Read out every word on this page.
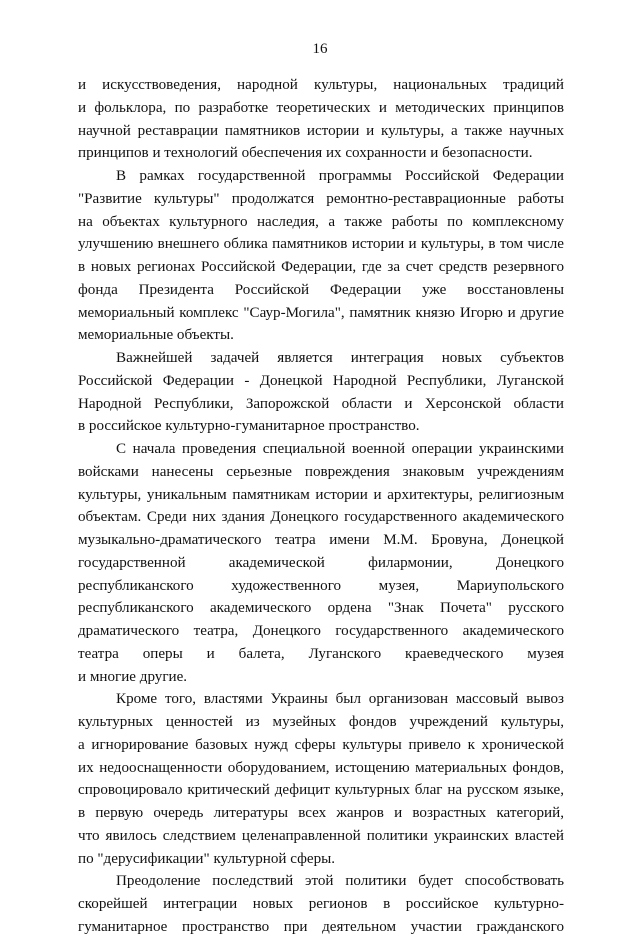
16
и искусствоведения, народной культуры, национальных традиций
и фольклора, по разработке теоретических и методических принципов
научной реставрации памятников истории и культуры, а также научных
принципов и технологий обеспечения их сохранности и безопасности.
В рамках государственной программы Российской Федерации
"Развитие культуры" продолжатся ремонтно-реставрационные работы
на объектах культурного наследия, а также работы по комплексному
улучшению внешнего облика памятников истории и культуры, в том числе
в новых регионах Российской Федерации, где за счет средств резервного
фонда Президента Российской Федерации уже восстановлены
мемориальный комплекс "Саур-Могила", памятник князю Игорю и другие
мемориальные объекты.
Важнейшей задачей является интеграция новых субъектов
Российской Федерации - Донецкой Народной Республики, Луганской
Народной Республики, Запорожской области и Херсонской области
в российское культурно-гуманитарное пространство.
С начала проведения специальной военной операции украинскими
войсками нанесены серьезные повреждения знаковым учреждениям
культуры, уникальным памятникам истории и архитектуры, религиозным
объектам. Среди них здания Донецкого государственного академического
музыкально-драматического театра имени М.М. Бровуна, Донецкой
государственной академической филармонии, Донецкого
республиканского художественного музея, Мариупольского
республиканского академического ордена "Знак Почета" русского
драматического театра, Донецкого государственного академического
театра оперы и балета, Луганского краеведческого музея
и многие другие.
Кроме того, властями Украины был организован массовый вывоз
культурных ценностей из музейных фондов учреждений культуры,
а игнорирование базовых нужд сферы культуры привело к хронической
их недооснащенности оборудованием, истощению материальных фондов,
спровоцировало критический дефицит культурных благ на русском языке,
в первую очередь литературы всех жанров и возрастных категорий,
что явилось следствием целенаправленной политики украинских властей
по "дерусификации" культурной сферы.
Преодоление последствий этой политики будет способствовать
скорейшей интеграции новых регионов в российское культурно-
гуманитарное пространство при деятельном участии гражданского
